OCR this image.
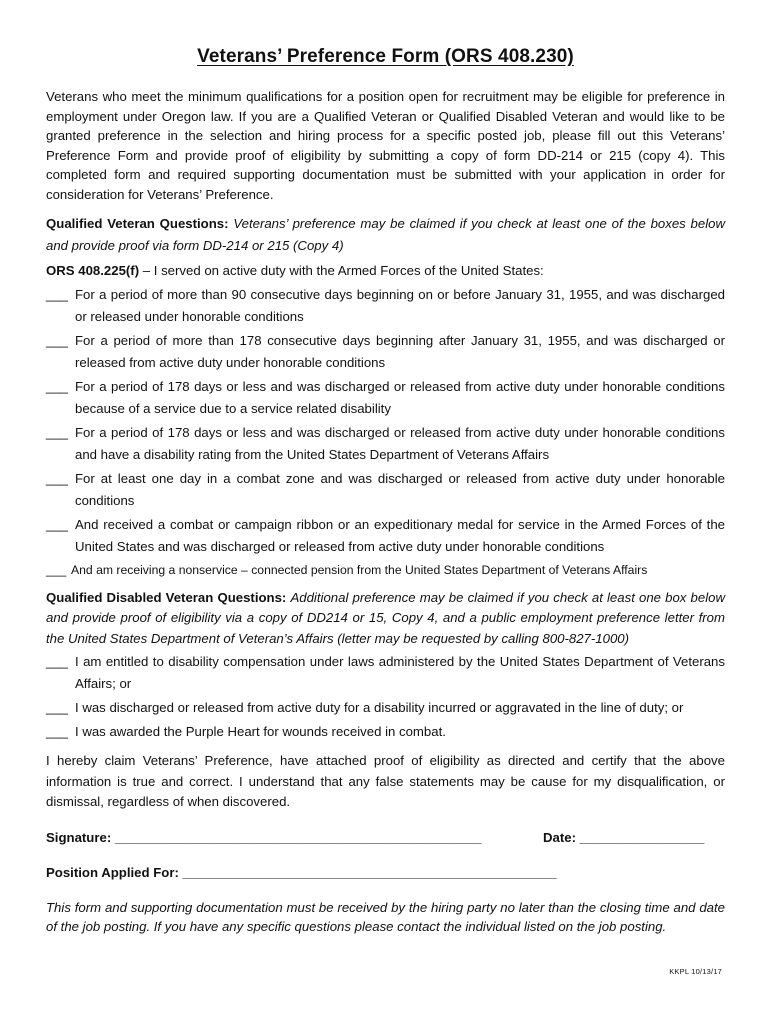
Veterans’ Preference Form (ORS 408.230)

Veterans who meet the minimum qualifications for a position open for recruitment may be eligible for preference in employment under Oregon law. If you are a Qualified Veteran or Qualified Disabled Veteran and would like to be granted preference in the selection and hiring process for a specific posted job, please fill out this Veterans’ Preference Form and provide proof of eligibility by submitting a copy of form DD-214 or 215 (copy 4). This completed form and required supporting documentation must be submitted with your application in order for consideration for Veterans’ Preference.

Qualified Veteran Questions: Veterans’ preference may be claimed if you check at least one of the boxes below and provide proof via form DD-214 or 215 (Copy 4)

ORS 408.225(f) – I served on active duty with the Armed Forces of the United States:

___ For a period of more than 90 consecutive days beginning on or before January 31, 1955, and was discharged or released under honorable conditions
___ For a period of more than 178 consecutive days beginning after January 31, 1955, and was discharged or released from active duty under honorable conditions
___ For a period of 178 days or less and was discharged or released from active duty under honorable conditions because of a service due to a service related disability
___ For a period of 178 days or less and was discharged or released from active duty under honorable conditions and have a disability rating from the United States Department of Veterans Affairs
___ For at least one day in a combat zone and was discharged or released from active duty under honorable conditions
___ And received a combat or campaign ribbon or an expeditionary medal for service in the Armed Forces of the United States and was discharged or released from active duty under honorable conditions
___ And am receiving a nonservice – connected pension from the United States Department of Veterans Affairs

Qualified Disabled Veteran Questions: Additional preference may be claimed if you check at least one box below and provide proof of eligibility via a copy of DD214 or 15, Copy 4, and a public employment preference letter from the United States Department of Veteran’s Affairs (letter may be requested by calling 800-827-1000)

___ I am entitled to disability compensation under laws administered by the United States Department of Veterans Affairs; or
___ I was discharged or released from active duty for a disability incurred or aggravated in the line of duty; or
___ I was awarded the Purple Heart for wounds received in combat.

I hereby claim Veterans’ Preference, have attached proof of eligibility as directed and certify that the above information is true and correct. I understand that any false statements may be cause for my disqualification, or dismissal, regardless of when discovered.

Signature: __________________________________________________	Date: _________________
Position Applied For: ___________________________________________________

This form and supporting documentation must be received by the hiring party no later than the closing time and date of the job posting. If you have any specific questions please contact the individual listed on the job posting.

KKPL 10/13/17
